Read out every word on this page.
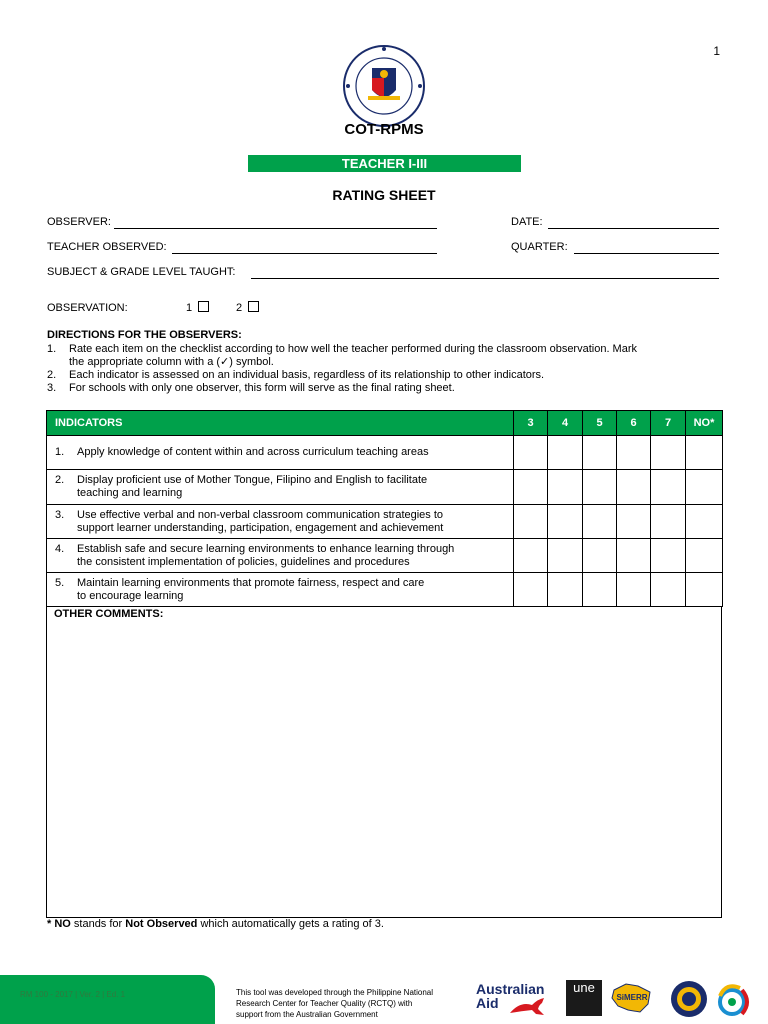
1
COT-RPMS
TEACHER I-III
RATING SHEET
OBSERVER:	DATE:
TEACHER OBSERVED:	QUARTER:
SUBJECT & GRADE LEVEL TAUGHT:
OBSERVATION:	1	2
DIRECTIONS FOR THE OBSERVERS:
1.	Rate each item on the checklist according to how well the teacher performed during the classroom observation. Mark
the appropriate column with a (✓) symbol.
2.	Each indicator is assessed on an individual basis, regardless of its relationship to other indicators.
3.	For schools with only one observer, this form will serve as the final rating sheet.
INDICATORS	3	4	5	6	7	NO*

1. Apply knowledge of content within and across curriculum teaching areas						

2. Display proficient use of Mother Tongue, Filipino and English to facilitate
teaching and learning						

3. Use effective verbal and non-verbal classroom communication strategies to
support learner understanding, participation, engagement and achievement						

4. Establish safe and secure learning environments to enhance learning through
the consistent implementation of policies, guidelines and procedures						

5. Maintain learning environments that promote fairness, respect and care
to encourage learning						

OTHER COMMENTS:
* NO stands for Not Observed which automatically gets a rating of 3.
RM 100 - 2017 | Ver. 2 | Ed. 1	This tool was developed through the Philippine National
Research Center for Teacher Quality (RCTQ) with
support from the Australian Government
Australian
Aid
une
SiMERR
